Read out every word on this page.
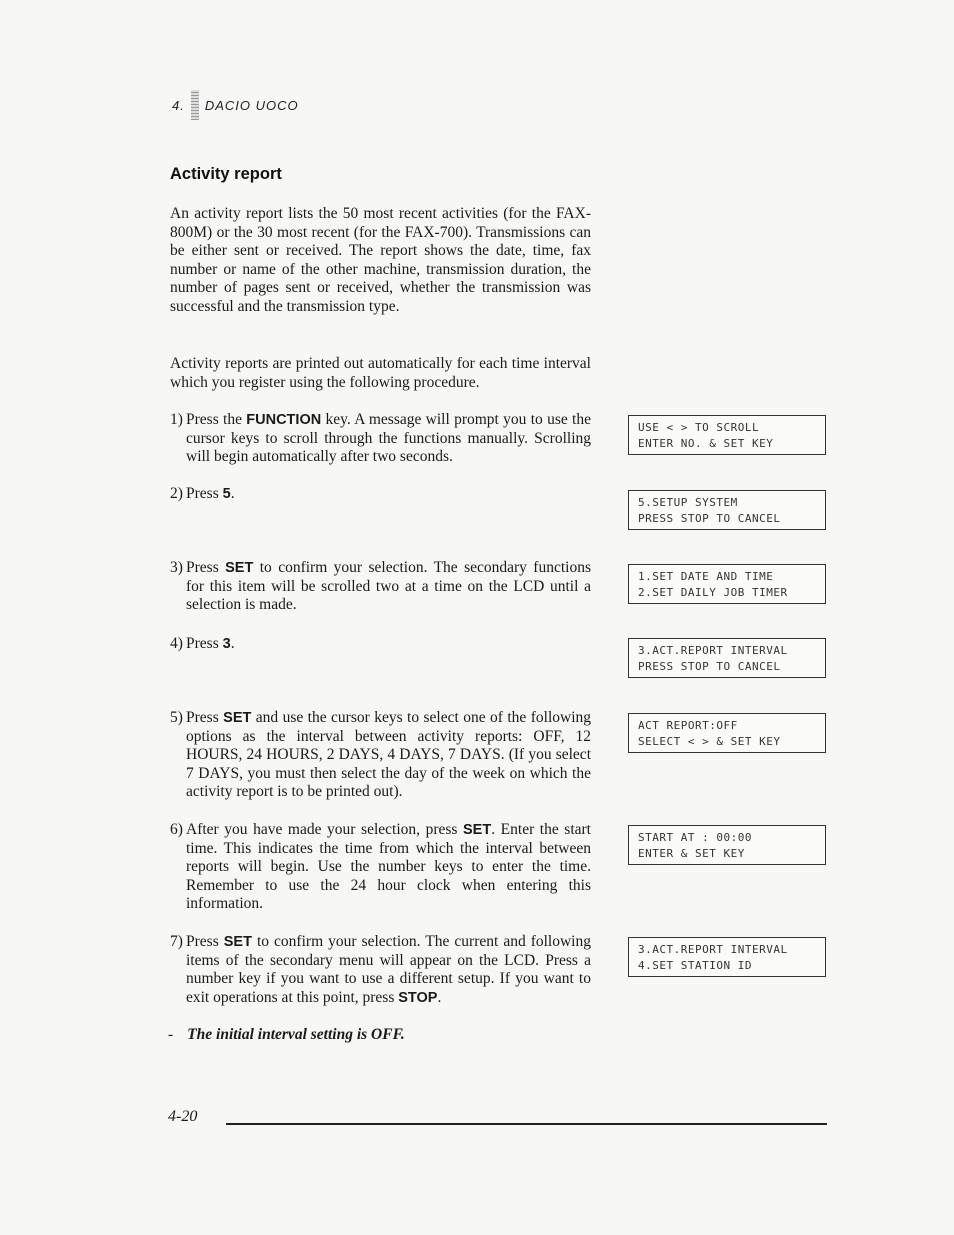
4. DACIO UOCO
Activity report

An activity report lists the 50 most recent activities (for the FAX-800M) or the 30 most recent (for the FAX-700). Transmissions can be either sent or received. The report shows the date, time, fax number or name of the other machine, transmission duration, the number of pages sent or received, whether the transmission was successful and the transmission type.

Activity reports are printed out automatically for each time interval which you register using the following procedure.

1) Press the FUNCTION key. A message will prompt you to use the cursor keys to scroll through the functions manually. Scrolling will begin automatically after two seconds.
2) Press 5.
3) Press SET to confirm your selection. The secondary functions for this item will be scrolled two at a time on the LCD until a selection is made.
4) Press 3.
5) Press SET and use the cursor keys to select one of the following options as the interval between activity reports: OFF, 12 HOURS, 24 HOURS, 2 DAYS, 4 DAYS, 7 DAYS. (If you select 7 DAYS, you must then select the day of the week on which the activity report is to be printed out).
6) After you have made your selection, press SET. Enter the start time. This indicates the time from which the interval between reports will begin. Use the number keys to enter the time. Remember to use the 24 hour clock when entering this information.
7) Press SET to confirm your selection. The current and following items of the secondary menu will appear on the LCD. Press a number key if you want to use a different setup. If you want to exit operations at this point, press STOP.
USE < > TO SCROLL
ENTER NO. & SET KEY
5.SETUP SYSTEM
PRESS STOP TO CANCEL
1.SET DATE AND TIME
2.SET DAILY JOB TIMER
3.ACT.REPORT INTERVAL
PRESS STOP TO CANCEL
ACT REPORT:OFF
SELECT < > & SET KEY
START AT : 00:00
ENTER & SET KEY
3.ACT.REPORT INTERVAL
4.SET STATION ID
- The initial interval setting is OFF.
4-20
